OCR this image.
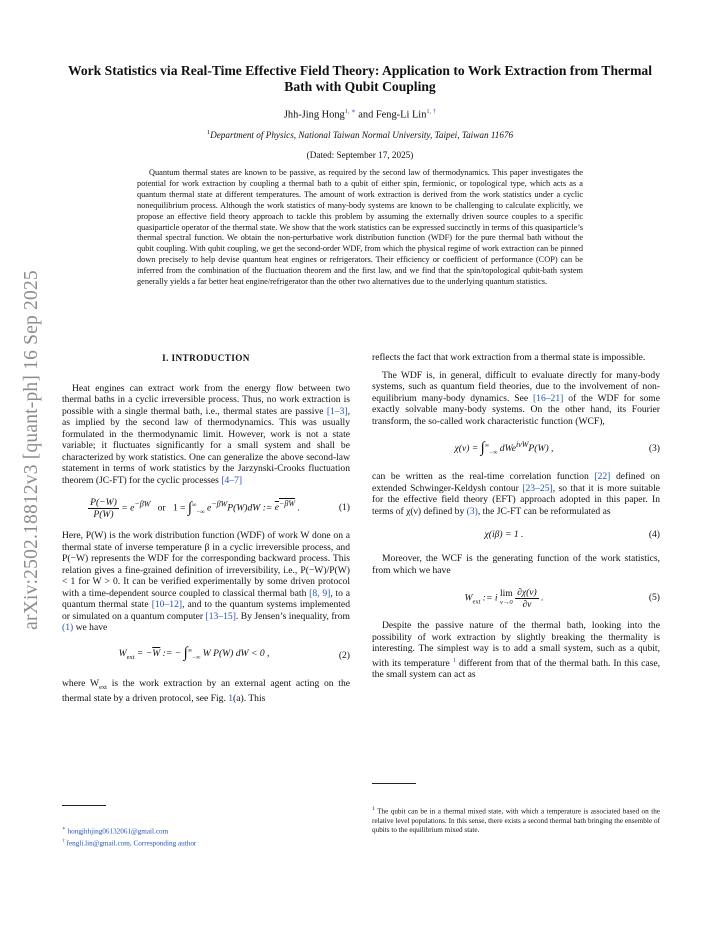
arXiv:2502.18812v3 [quant-ph] 16 Sep 2025
Work Statistics via Real-Time Effective Field Theory: Application to Work Extraction from Thermal Bath with Qubit Coupling
Jhh-Jing Hong$^{1, ∗}$ and Feng-Li Lin$^{1, \dagger}$
$^1$Department of Physics, National Taiwan Normal University, Taipei, Taiwan 11676
(Dated: September 17, 2025)

Quantum thermal states are known to be passive, as required by the second law of thermodynamics. This paper investigates the potential for work extraction by coupling a thermal bath to a qubit of either spin, fermionic, or topological type, which acts as a quantum thermal state at different temperatures. The amount of work extraction is derived from the work statistics under a cyclic nonequilibrium process. Although the work statistics of many-body systems are known to be challenging to calculate explicitly, we propose an effective field theory approach to tackle this problem by assuming the externally driven source couples to a specific quasiparticle operator of the thermal state. We show that the work statistics can be expressed succinctly in terms of this quasiparticle’s thermal spectral function. We obtain the non-perturbative work distribution function (WDF) for the pure thermal bath without the qubit coupling. With qubit coupling, we get the second-order WDF, from which the physical regime of work extraction can be pinned down precisely to help devise quantum heat engines or refrigerators. Their efficiency or coefficient of performance (COP) can be inferred from the combination of the fluctuation theorem and the first law, and we find that the spin/topological qubit-bath system generally yields a far better heat engine/refrigerator than the other two alternatives due to the underlying quantum statistics.

I. INTRODUCTION

Heat engines can extract work from the energy flow between two thermal baths in a cyclic irreversible process. Thus, no work extraction is possible with a single thermal bath, i.e., thermal states are passive [1–3], as implied by the second law of thermodynamics. This was usually formulated in the thermodynamic limit. However, work is not a state variable; it fluctuates significantly for a small system and shall be characterized by work statistics. One can generalize the above second-law statement in terms of work statistics by the Jarzynski-Crooks fluctuation theorem (JC-FT) for the cyclic processes [4–7]

$\frac{P(-W)}{P(W)} = e^{-\beta W}$ or $1 = \int^\infty_{-\infty}$ $e^{-\beta W}P(W)dW$ := $e^{-\beta W}$ .	(1)

Here, P(W) is the work distribution function (WDF) of work W done on a thermal state of inverse temperature β in a cyclic irreversible process, and P(−W) represents the WDF for the corresponding backward process. This relation gives a fine-grained definition of irreversibility, i.e., P(−W)/P(W) < 1 for W > 0. It can be verified experimentally by some driven protocol with a time-dependent source coupled to classical thermal bath [8, 9], to a quantum thermal state [10–12], and to the quantum systems implemented or simulated on a quantum computer [13–15]. By Jensen’s inequality, from (1) we have

$W_{ext} = -\overline{W}$ := − $\int^\infty_{-\infty}$ W P(W) dW < 0 ,	(2)

where $W_{ext}$ is the work extraction by an external agent acting on the thermal state by a driven protocol, see Fig. 1(a). This

reflects the fact that work extraction from a thermal state is impossible.

The WDF is, in general, difficult to evaluate directly for many-body systems, such as quantum field theories, due to the involvement of non-equilibrium many-body dynamics. See [16–21] of the WDF for some exactly solvable many-body systems. On the other hand, its Fourier transform, the so-called work characteristic function (WCF),

$\chi(\nu) = \int^\infty_{-\infty}$ dWe$^{i\nu W}$P(W) ,	(3)

can be written as the real-time correlation function [22] defined on extended Schwinger-Keldysh contour [23–25], so that it is more suitable for the effective field theory (EFT) approach adopted in this paper. In terms of χ(ν) defined by (3), the JC-FT can be reformulated as

χ(iβ) = 1 .	(4)

Moreover, the WCF is the generating function of the work statistics, from which we have

$W_{ext}$ := i lim
ν→0
$\frac{\partial\chi(\nu)}{\partial\nu}$ .	(5)

Despite the passive nature of the thermal bath, looking into the possibility of work extraction by slightly breaking the thermality is interesting. The simplest way is to add a small system, such as a qubit, with its temperature $^1$ different from that of the thermal bath. In this case, the small system can act as

∗ hongjhhjing06132061@gmail.com
† fengli.lin@gmail.com, Corresponding author
$^1$ The qubit can be in a thermal mixed state, with which a temperature is associated based on the relative level populations. In this sense, there exists a second thermal bath bringing the ensemble of qubits to the equilibrium mixed state.
